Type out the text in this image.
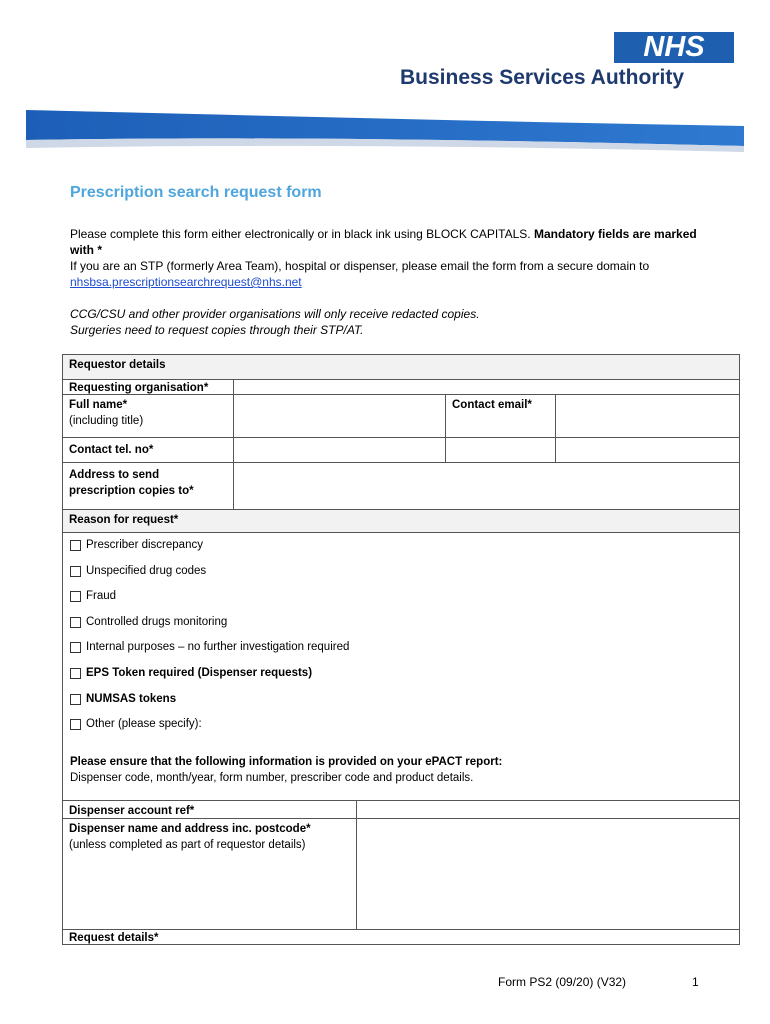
NHS
Business Services Authority
Prescription search request form
Please complete this form either electronically or in black ink using BLOCK CAPITALS. Mandatory fields are marked with *
If you are an STP (formerly Area Team), hospital or dispenser, please email the form from a secure domain to
nhsbsa.prescriptionsearchrequest@nhs.net
CCG/CSU and other provider organisations will only receive redacted copies.
Surgeries need to request copies through their STP/AT.
Requestor details
Requesting organisation*
Full name*
(including title)
Contact email*
Contact tel. no*
Address to send
prescription copies to*
Reason for request*
Prescriber discrepancy
Unspecified drug codes
Fraud
Controlled drugs monitoring
Internal purposes – no further investigation required
EPS Token required (Dispenser requests)
NUMSAS tokens
Other (please specify):
Please ensure that the following information is provided on your ePACT report:
Dispenser code, month/year, form number, prescriber code and product details.
Dispenser account ref*
Dispenser name and address inc. postcode*
(unless completed as part of requestor details)
Request details*
Form PS2 (09/20) (V32)	1
